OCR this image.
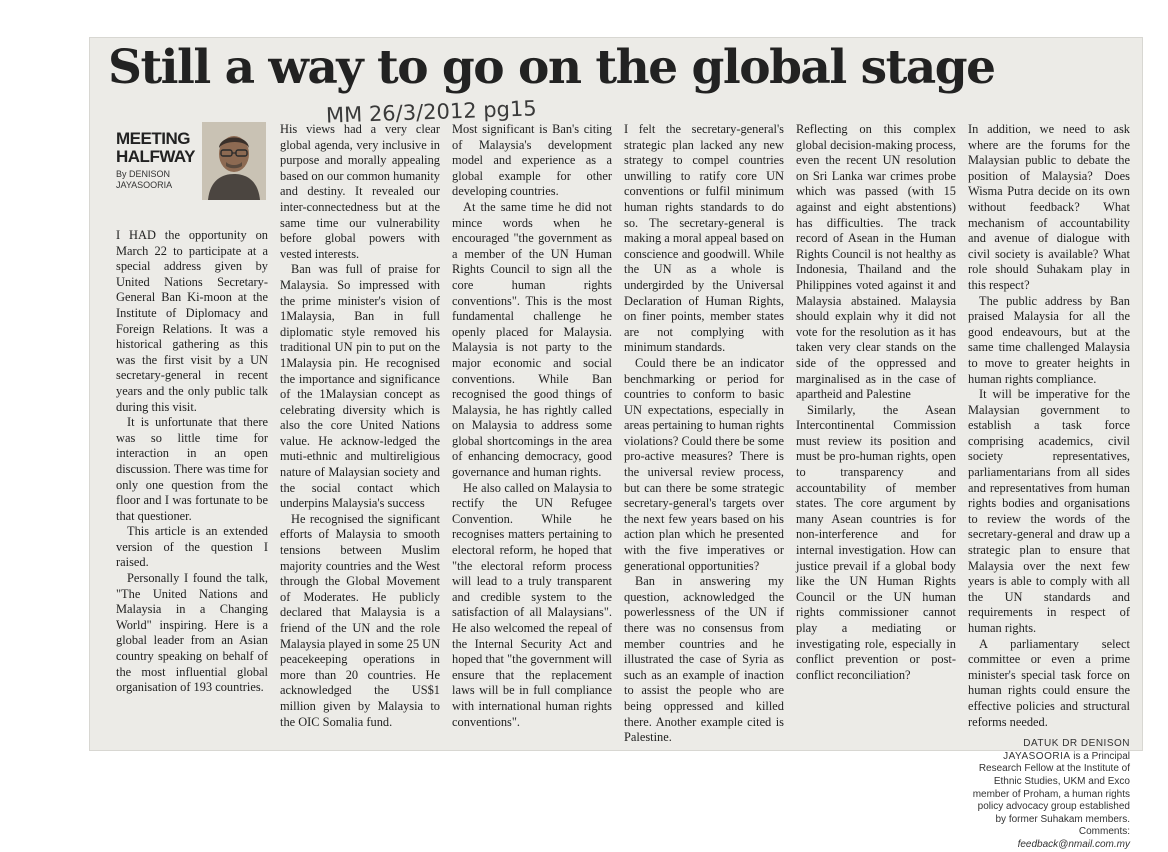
Still a way to go on the global stage
MM 26/3/2012 pg15
MEETING HALFWAY
By DENISON JAYASOORIA

I HAD the opportunity on March 22 to participate at a special address given by United Nations Secretary-General Ban Ki-moon at the Institute of Diplomacy and Foreign Relations. It was a historical gathering as this was the first visit by a UN secretary-general in recent years and the only public talk during this visit.

It is unfortunate that there was so little time for interaction in an open discussion. There was time for only one question from the floor and I was fortunate to be that questioner.

This article is an extended version of the question I raised.

Personally I found the talk, "The United Nations and Malaysia in a Changing World" inspiring. Here is a global leader from an Asian country speaking on behalf of the most influential global organisation of 193 countries.

His views had a very clear global agenda, very inclusive in purpose and morally appealing based on our common humanity and destiny. It revealed our inter-connectedness but at the same time our vulnerability before global powers with vested interests.

Ban was full of praise for Malaysia. So impressed with the prime minister's vision of 1Malaysia, Ban in full diplomatic style removed his traditional UN pin to put on the 1Malaysia pin. He recognised the importance and significance of the 1Malaysian concept as celebrating diversity which is also the core United Nations value. He acknow-ledged the muti-ethnic and multireligious nature of Malaysian society and the social contact which underpins Malaysia's success

He recognised the significant efforts of Malaysia to smooth tensions between Muslim majority countries and the West through the Global Movement of Moderates. He publicly declared that Malaysia is a friend of the UN and the role Malaysia played in some 25 UN peacekeeping operations in more than 20 countries. He acknowledged the US$1 million given by Malaysia to the OIC Somalia fund.

Most significant is Ban's citing of Malaysia's development model and experience as a global example for other developing countries.

At the same time he did not mince words when he encouraged "the government as a member of the UN Human Rights Council to sign all the core human rights conventions". This is the most fundamental challenge he openly placed for Malaysia. Malaysia is not party to the major economic and social conventions. While Ban recognised the good things of Malaysia, he has rightly called on Malaysia to address some global shortcomings in the area of enhancing democracy, good governance and human rights.

He also called on Malaysia to rectify the UN Refugee Convention. While he recognises matters pertaining to electoral reform, he hoped that "the electoral reform process will lead to a truly transparent and credible system to the satisfaction of all Malaysians". He also welcomed the repeal of the Internal Security Act and hoped that "the government will ensure that the replacement laws will be in full compliance with international human rights conventions".

I felt the secretary-general's strategic plan lacked any new strategy to compel countries unwilling to ratify core UN conventions or fulfil minimum human rights standards to do so. The secretary-general is making a moral appeal based on conscience and goodwill. While the UN as a whole is undergirded by the Universal Declaration of Human Rights, on finer points, member states are not complying with minimum standards.

Could there be an indicator benchmarking or period for countries to conform to basic UN expectations, especially in areas pertaining to human rights violations? Could there be some pro-active measures? There is the universal review process, but can there be some strategic secretary-general's targets over the next few years based on his action plan which he presented with the five imperatives or generational opportunities?

Ban in answering my question, acknowledged the powerlessness of the UN if there was no consensus from member countries and he illustrated the case of Syria as such as an example of inaction to assist the people who are being oppressed and killed there. Another example cited is Palestine.

Reflecting on this complex global decision-making process, even the recent UN resolution on Sri Lanka war crimes probe which was passed (with 15 against and eight abstentions) has difficulties. The track record of Asean in the Human Rights Council is not healthy as Indonesia, Thailand and the Philippines voted against it and Malaysia abstained. Malaysia should explain why it did not vote for the resolution as it has taken very clear stands on the side of the oppressed and marginalised as in the case of apartheid and Palestine

Similarly, the Asean Intercontinental Commission must review its position and must be pro-human rights, open to transparency and accountability of member states. The core argument by many Asean countries is for non-interference and for internal investigation. How can justice prevail if a global body like the UN Human Rights Council or the UN human rights commissioner cannot play a mediating or investigating role, especially in conflict prevention or post-conflict reconciliation?

In addition, we need to ask where are the forums for the Malaysian public to debate the position of Malaysia? Does Wisma Putra decide on its own without feedback? What mechanism of accountability and avenue of dialogue with civil society is available? What role should Suhakam play in this respect?

The public address by Ban praised Malaysia for all the good endeavours, but at the same time challenged Malaysia to move to greater heights in human rights compliance.

It will be imperative for the Malaysian government to establish a task force comprising academics, civil society representatives, parliamentarians from all sides and representatives from human rights bodies and organisations to review the words of the secretary-general and draw up a strategic plan to ensure that Malaysia over the next few years is able to comply with all the UN standards and requirements in respect of human rights.

A parliamentary select committee or even a prime minister's special task force on human rights could ensure the effective policies and structural reforms needed.

DATUK DR DENISON JAYASOORIA is a Principal Research Fellow at the Institute of Ethnic Studies, UKM and Exco member of Proham, a human rights policy advocacy group established by former Suhakam members.
Comments:
feedback@nmail.com.my
